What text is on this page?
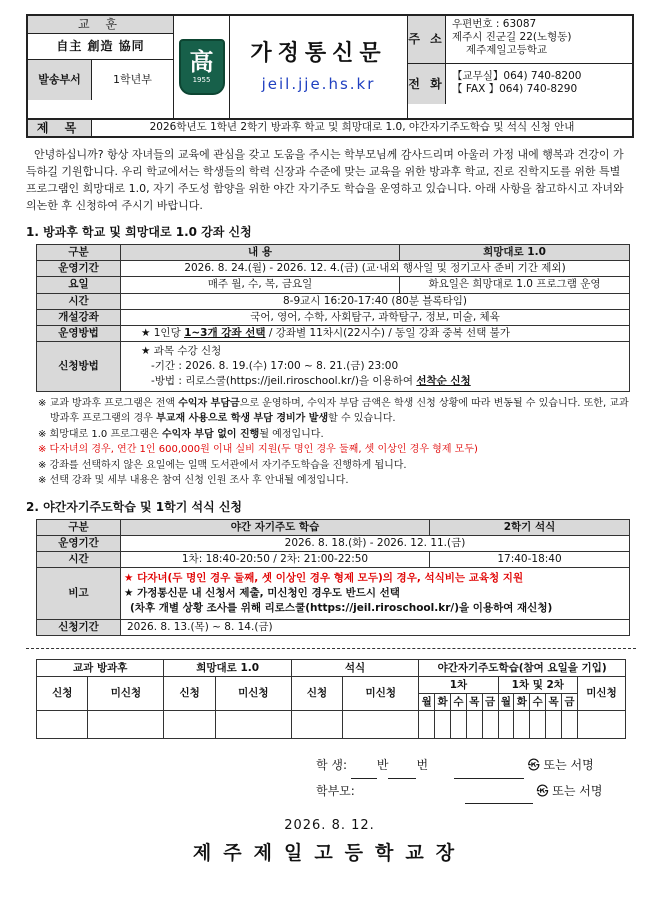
교 훈
自主 創造 協同
발송부서	1학년부
高
1955
가정통신문
jeil.jje.hs.kr
주 소
우편번호 : 63087
제주시 진군길 22(노형동)
제주제일고등학교
전 화
【교무실】064) 740-8200
【 FAX 】064) 740-8290
제 목	2026학년도 1학년 2학기 방과후 학교 및 희망대로 1.0, 야간자기주도학습 및 석식 신청 안내

안녕하십니까? 항상 자녀들의 교육에 관심을 갖고 도움을 주시는 학부모님께 감사드리며 아울러 가정 내에 행복과 건강이 가득하길 기원합니다. 우리 학교에서는 학생들의 학력 신장과 수준에 맞는 교육을 위한 방과후 학교, 진로 진학지도를 위한 특별 프로그램인 희망대로 1.0, 자기 주도성 함양을 위한 야간 자기주도 학습을 운영하고 있습니다. 아래 사항을 참고하시고 자녀와 의논한 후 신청하여 주시기 바랍니다.

1. 방과후 학교 및 희망대로 1.0 강좌 신청
구분	내 용	희망대로 1.0
운영기간	2026. 8. 24.(월) - 2026. 12. 4.(금) (교·내외 행사일 및 정기고사 준비 기간 제외)	
요일	매주 월, 수, 목, 금요일	화요일은 희망대로 1.0 프로그램 운영
시간	8-9교시 16:20-17:40 (80분 블록타임)	
개설강좌	국어, 영어, 수학, 사회탐구, 과학탐구, 정보, 미술, 체육	
운영방법	★ 1인당 1~3개 강좌 선택 / 강좌별 11차시(22시수) / 동일 강좌 중복 선택 불가	
신청방법	★ 과목 수강 신청
-기간 : 2026. 8. 19.(수) 17:00 ~ 8. 21.(금) 23:00
-방법 : 리로스쿨(https://jeil.riroschool.kr/)을 이용하여 선착순 신청	

※ 교과 방과후 프로그램은 전액 수익자 부담금으로 운영하며, 수익자 부담 금액은 학생 신청 상황에 따라 변동될 수 있습니다. 또한, 교과 방과후 프로그램의 경우 부교재 사용으로 학생 부담 경비가 발생할 수 있습니다.

※ 희망대로 1.0 프로그램은 수익자 부담 없이 진행될 예정입니다.

※ 다자녀의 경우, 연간 1인 600,000원 이내 실비 지원(두 명인 경우 둘째, 셋 이상인 경우 형제 모두)

※ 강좌를 선택하지 않은 요일에는 일맥 도서관에서 자기주도학습을 진행하게 됩니다.

※ 선택 강좌 및 세부 내용은 참여 신청 인원 조사 후 안내될 예정입니다.

2. 야간자기주도학습 및 1학기 석식 신청
구분	야간 자기주도 학습	2학기 석식
운영기간	2026. 8. 18.(화) - 2026. 12. 11.(금)	
시간	1차: 18:40-20:50 / 2차: 21:00-22:50	17:40-18:40
비고	★ 다자녀(두 명인 경우 둘째, 셋 이상인 경우 형제 모두)의 경우, 석식비는 교육청 지원
★ 가정통신문 내 신청서 제출, 미신청인 경우도 반드시 선택
(차후 개별 상황 조사를 위해 리로스쿨(https://jeil.riroschool.kr/)을 이용하여 재신청)	

신청기간	2026. 8. 13.(목) ~ 8. 14.(금)	
교과 방과후		희망대로 1.0		석식		야간자기주도학습(참여 요일을 기입)										
신청	미신청	신청	미신청	신청	미신청	1차					1차 및 2차					미신청
						월	화	수	목	금	월	화	수	목	금	

학 생: 반 번	㉿ 또는 서명
학부모:	㉿ 또는 서명
2026. 8. 12.
제주제일고등학교장
